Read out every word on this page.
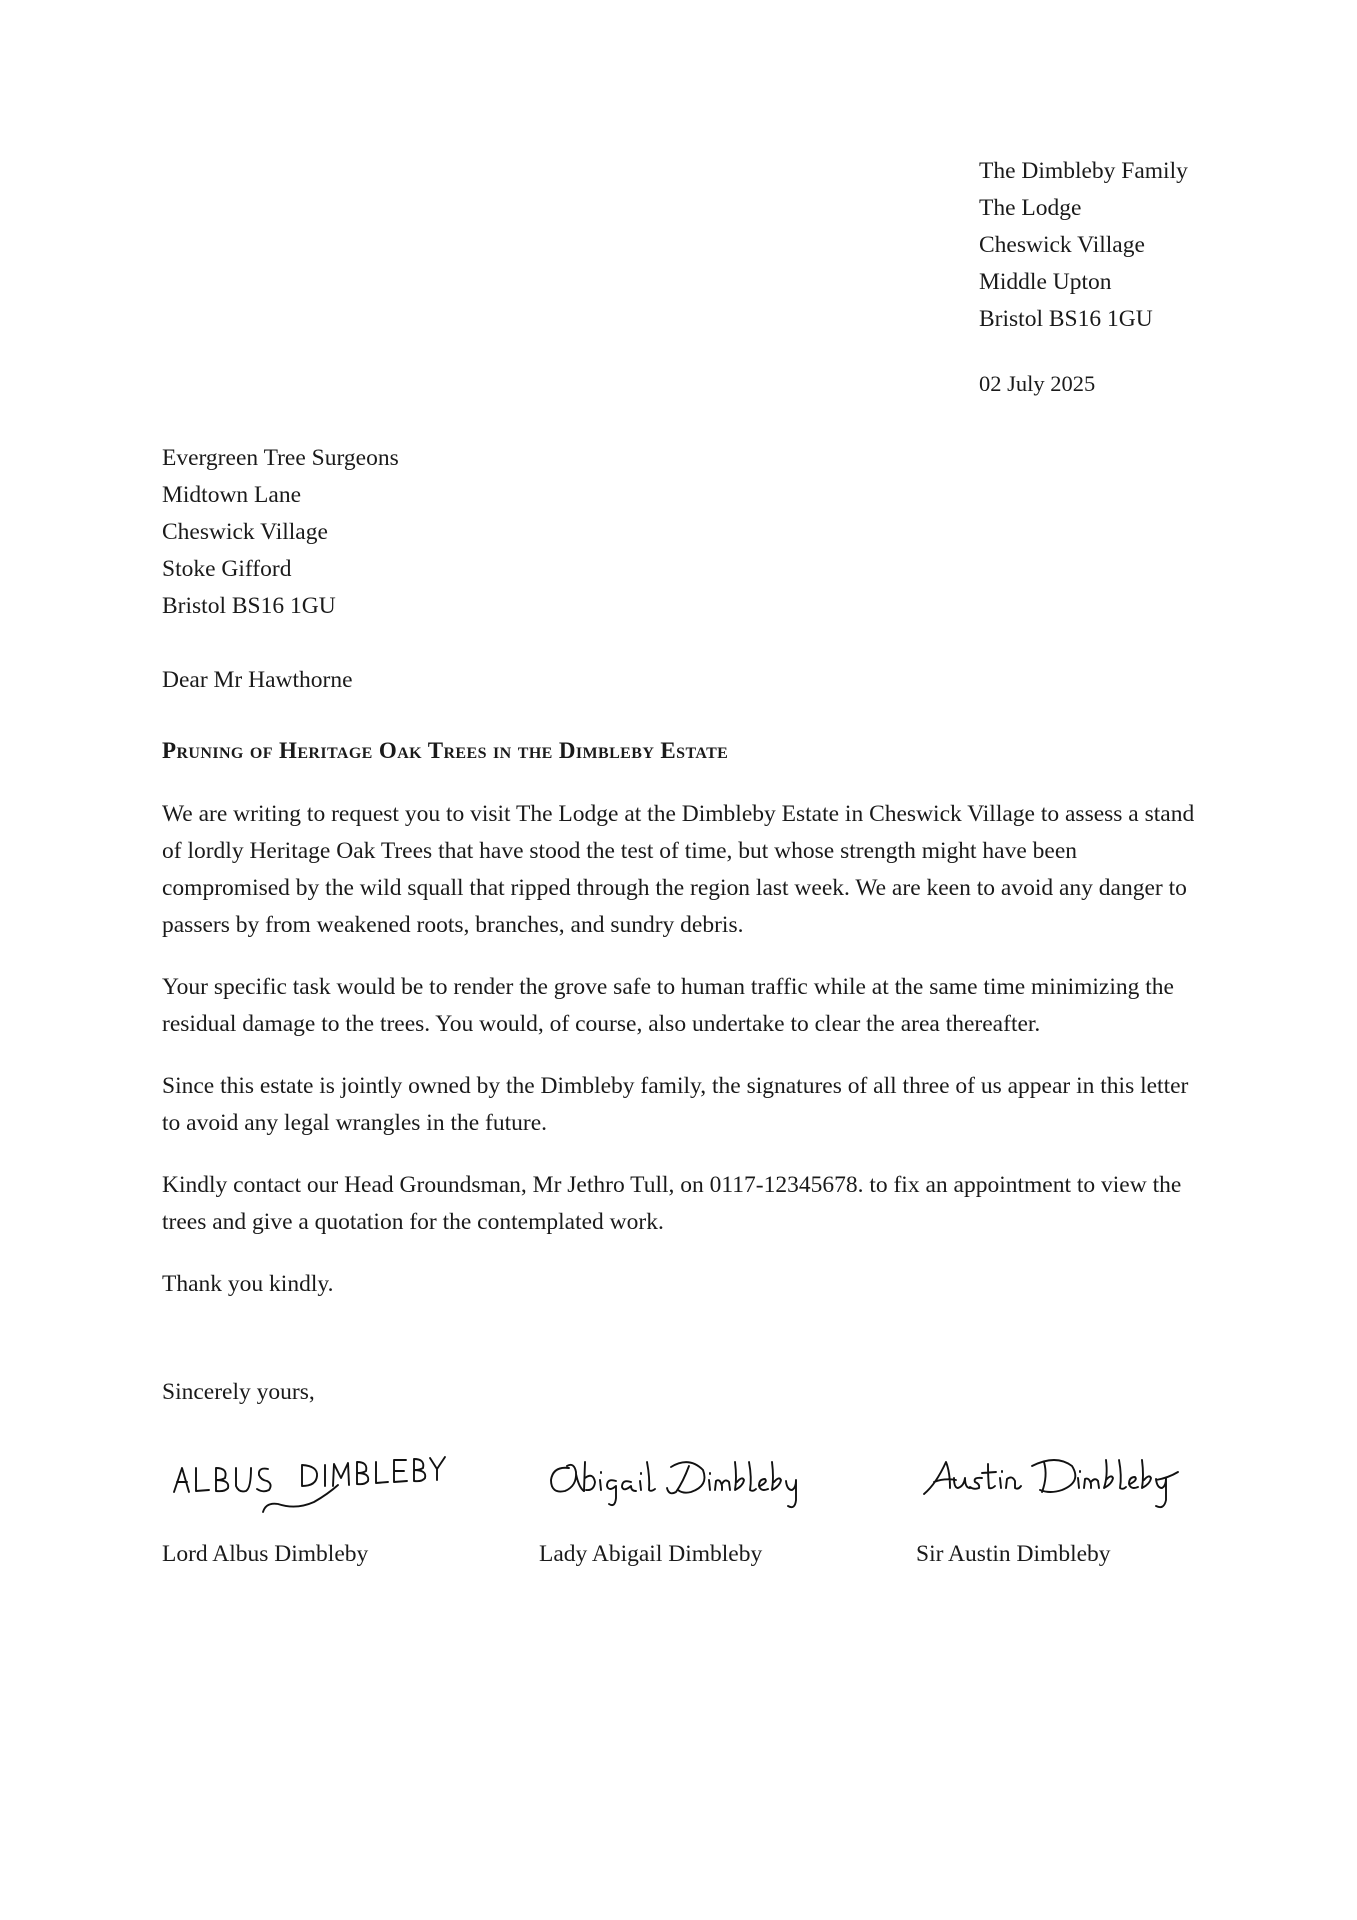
The Dimbleby Family
The Lodge
Cheswick Village
Middle Upton
Bristol BS16 1GU
02 July 2025
Evergreen Tree Surgeons
Midtown Lane
Cheswick Village
Stoke Gifford
Bristol BS16 1GU
Dear Mr Hawthorne
Pruning of Heritage Oak Trees in the Dimbleby Estate

We are writing to request you to visit The Lodge at the Dimbleby Estate in Cheswick Village to assess a stand of lordly Heritage Oak Trees that have stood the test of time, but whose strength might have been compromised by the wild squall that ripped through the region last week. We are keen to avoid any danger to passers by from weakened roots, branches, and sundry debris.

Your specific task would be to render the grove safe to human traffic while at the same time minimizing the residual damage to the trees. You would, of course, also undertake to clear the area thereafter.

Since this estate is jointly owned by the Dimbleby family, the signatures of all three of us appear in this letter to avoid any legal wrangles in the future.

Kindly contact our Head Groundsman, Mr Jethro Tull, on 0117-12345678. to fix an appointment to view the trees and give a quotation for the contemplated work.

Thank you kindly.

Sincerely yours,
Lord Albus Dimbleby	Lady Abigail Dimbleby	Sir Austin Dimbleby
